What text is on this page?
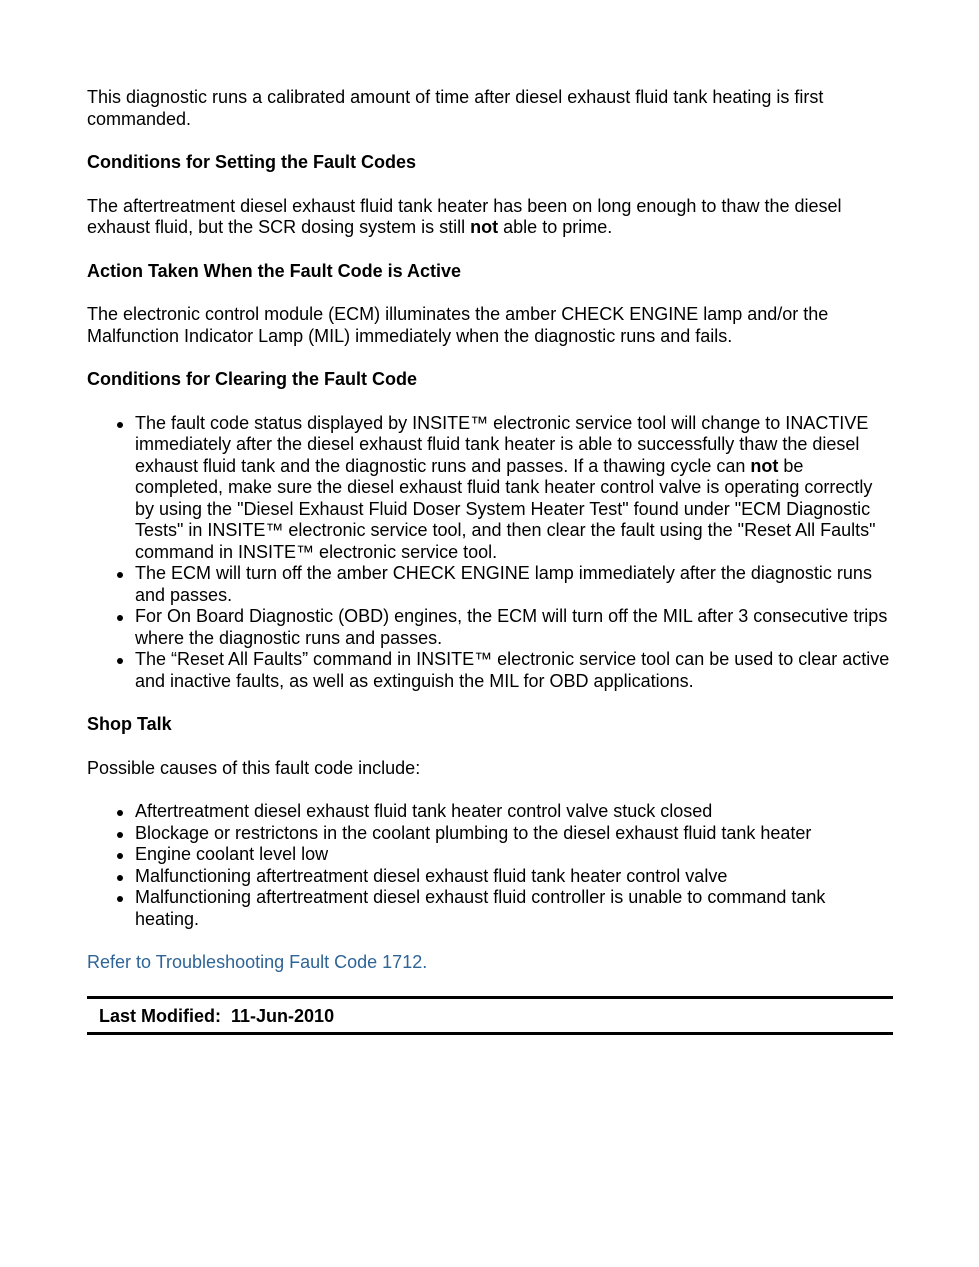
This diagnostic runs a calibrated amount of time after diesel exhaust fluid tank heating is first commanded.

Conditions for Setting the Fault Codes

The aftertreatment diesel exhaust fluid tank heater has been on long enough to thaw the diesel exhaust fluid, but the SCR dosing system is still not able to prime.

Action Taken When the Fault Code is Active

The electronic control module (ECM) illuminates the amber CHECK ENGINE lamp and/or the Malfunction Indicator Lamp (MIL) immediately when the diagnostic runs and fails.

Conditions for Clearing the Fault Code
The fault code status displayed by INSITE™ electronic service tool will change to INACTIVE immediately after the diesel exhaust fluid tank heater is able to successfully thaw the diesel exhaust fluid tank and the diagnostic runs and passes. If a thawing cycle can not be completed, make sure the diesel exhaust fluid tank heater control valve is operating correctly by using the "Diesel Exhaust Fluid Doser System Heater Test" found under "ECM Diagnostic Tests" in INSITE™ electronic service tool, and then clear the fault using the "Reset All Faults" command in INSITE™ electronic service tool.
The ECM will turn off the amber CHECK ENGINE lamp immediately after the diagnostic runs and passes.
For On Board Diagnostic (OBD) engines, the ECM will turn off the MIL after 3 consecutive trips where the diagnostic runs and passes.
The “Reset All Faults” command in INSITE™ electronic service tool can be used to clear active and inactive faults, as well as extinguish the MIL for OBD applications.
Shop Talk

Possible causes of this fault code include:

Aftertreatment diesel exhaust fluid tank heater control valve stuck closed
Blockage or restrictons in the coolant plumbing to the diesel exhaust fluid tank heater
Engine coolant level low
Malfunctioning aftertreatment diesel exhaust fluid tank heater control valve
Malfunctioning aftertreatment diesel exhaust fluid controller is unable to command tank heating.

Refer to Troubleshooting Fault Code 1712.

Last Modified: 11-Jun-2010
